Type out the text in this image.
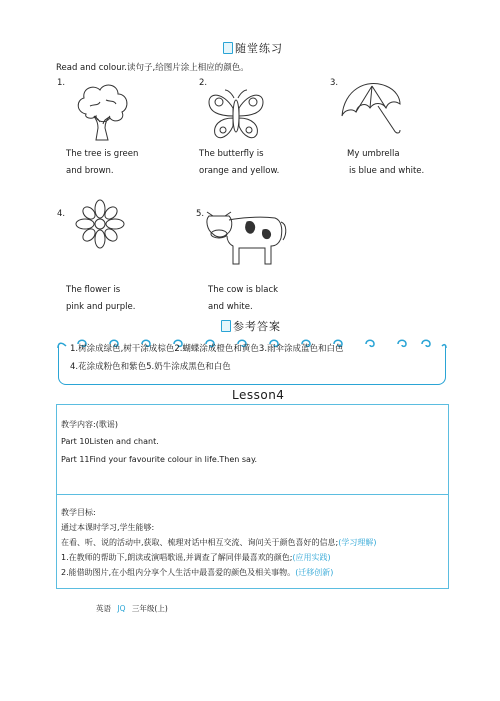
随堂练习
Read and colour.读句子,给图片涂上相应的颜色。
1.	2.	3.
4.	5.
The tree is green
and brown.
The butterfly is
orange and yellow.
My umbrella
is blue and white.
The flower is
pink and purple.
The cow is black
and white.
参考答案
1.树涂成绿色,树干涂成棕色2.蝴蝶涂成橙色和黄色3.雨伞涂成蓝色和白色
4.花涂成粉色和紫色5.奶牛涂成黑色和白色
Lesson4
教学内容:(歌谣)
Part 10Listen and chant.
Part 11Find your favourite colour in life.Then say.
教学目标:
通过本课时学习,学生能够:
在看、听、说的活动中,获取、梳理对话中相互交流、询问关于颜色喜好的信息;(学习理解)
1.在教师的帮助下,朗读或演唱歌谣,并调查了解同伴最喜欢的颜色;(应用实践)
2.能借助图片,在小组内分享个人生活中最喜爱的颜色及相关事物。(迁移创新)
英语 JQ 三年级(上)
